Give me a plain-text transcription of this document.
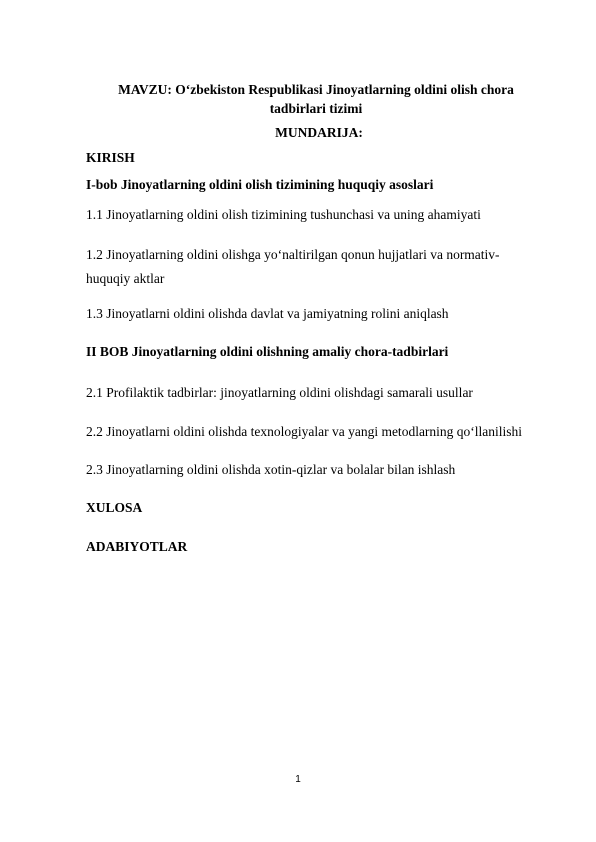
MAVZU: O‘zbekiston Respublikasi Jinoyatlarning oldini olish chora tadbirlari tizimi
MUNDARIJA:
KIRISH
I-bob Jinoyatlarning oldini olish tizimining huquqiy asoslari
1.1 Jinoyatlarning oldini olish tizimining tushunchasi va uning ahamiyati
1.2 Jinoyatlarning oldini olishga yo‘naltirilgan qonun hujjatlari va normativ-huquqiy aktlar
1.3 Jinoyatlarni oldini olishda davlat va jamiyatning rolini aniqlash
II BOB Jinoyatlarning oldini olishning amaliy chora-tadbirlari
2.1 Profilaktik tadbirlar: jinoyatlarning oldini olishdagi samarali usullar
2.2 Jinoyatlarni oldini olishda texnologiyalar va yangi metodlarning qo‘llanilishi
2.3 Jinoyatlarning oldini olishda xotin-qizlar va bolalar bilan ishlash
XULOSA
ADABIYOTLAR
1
